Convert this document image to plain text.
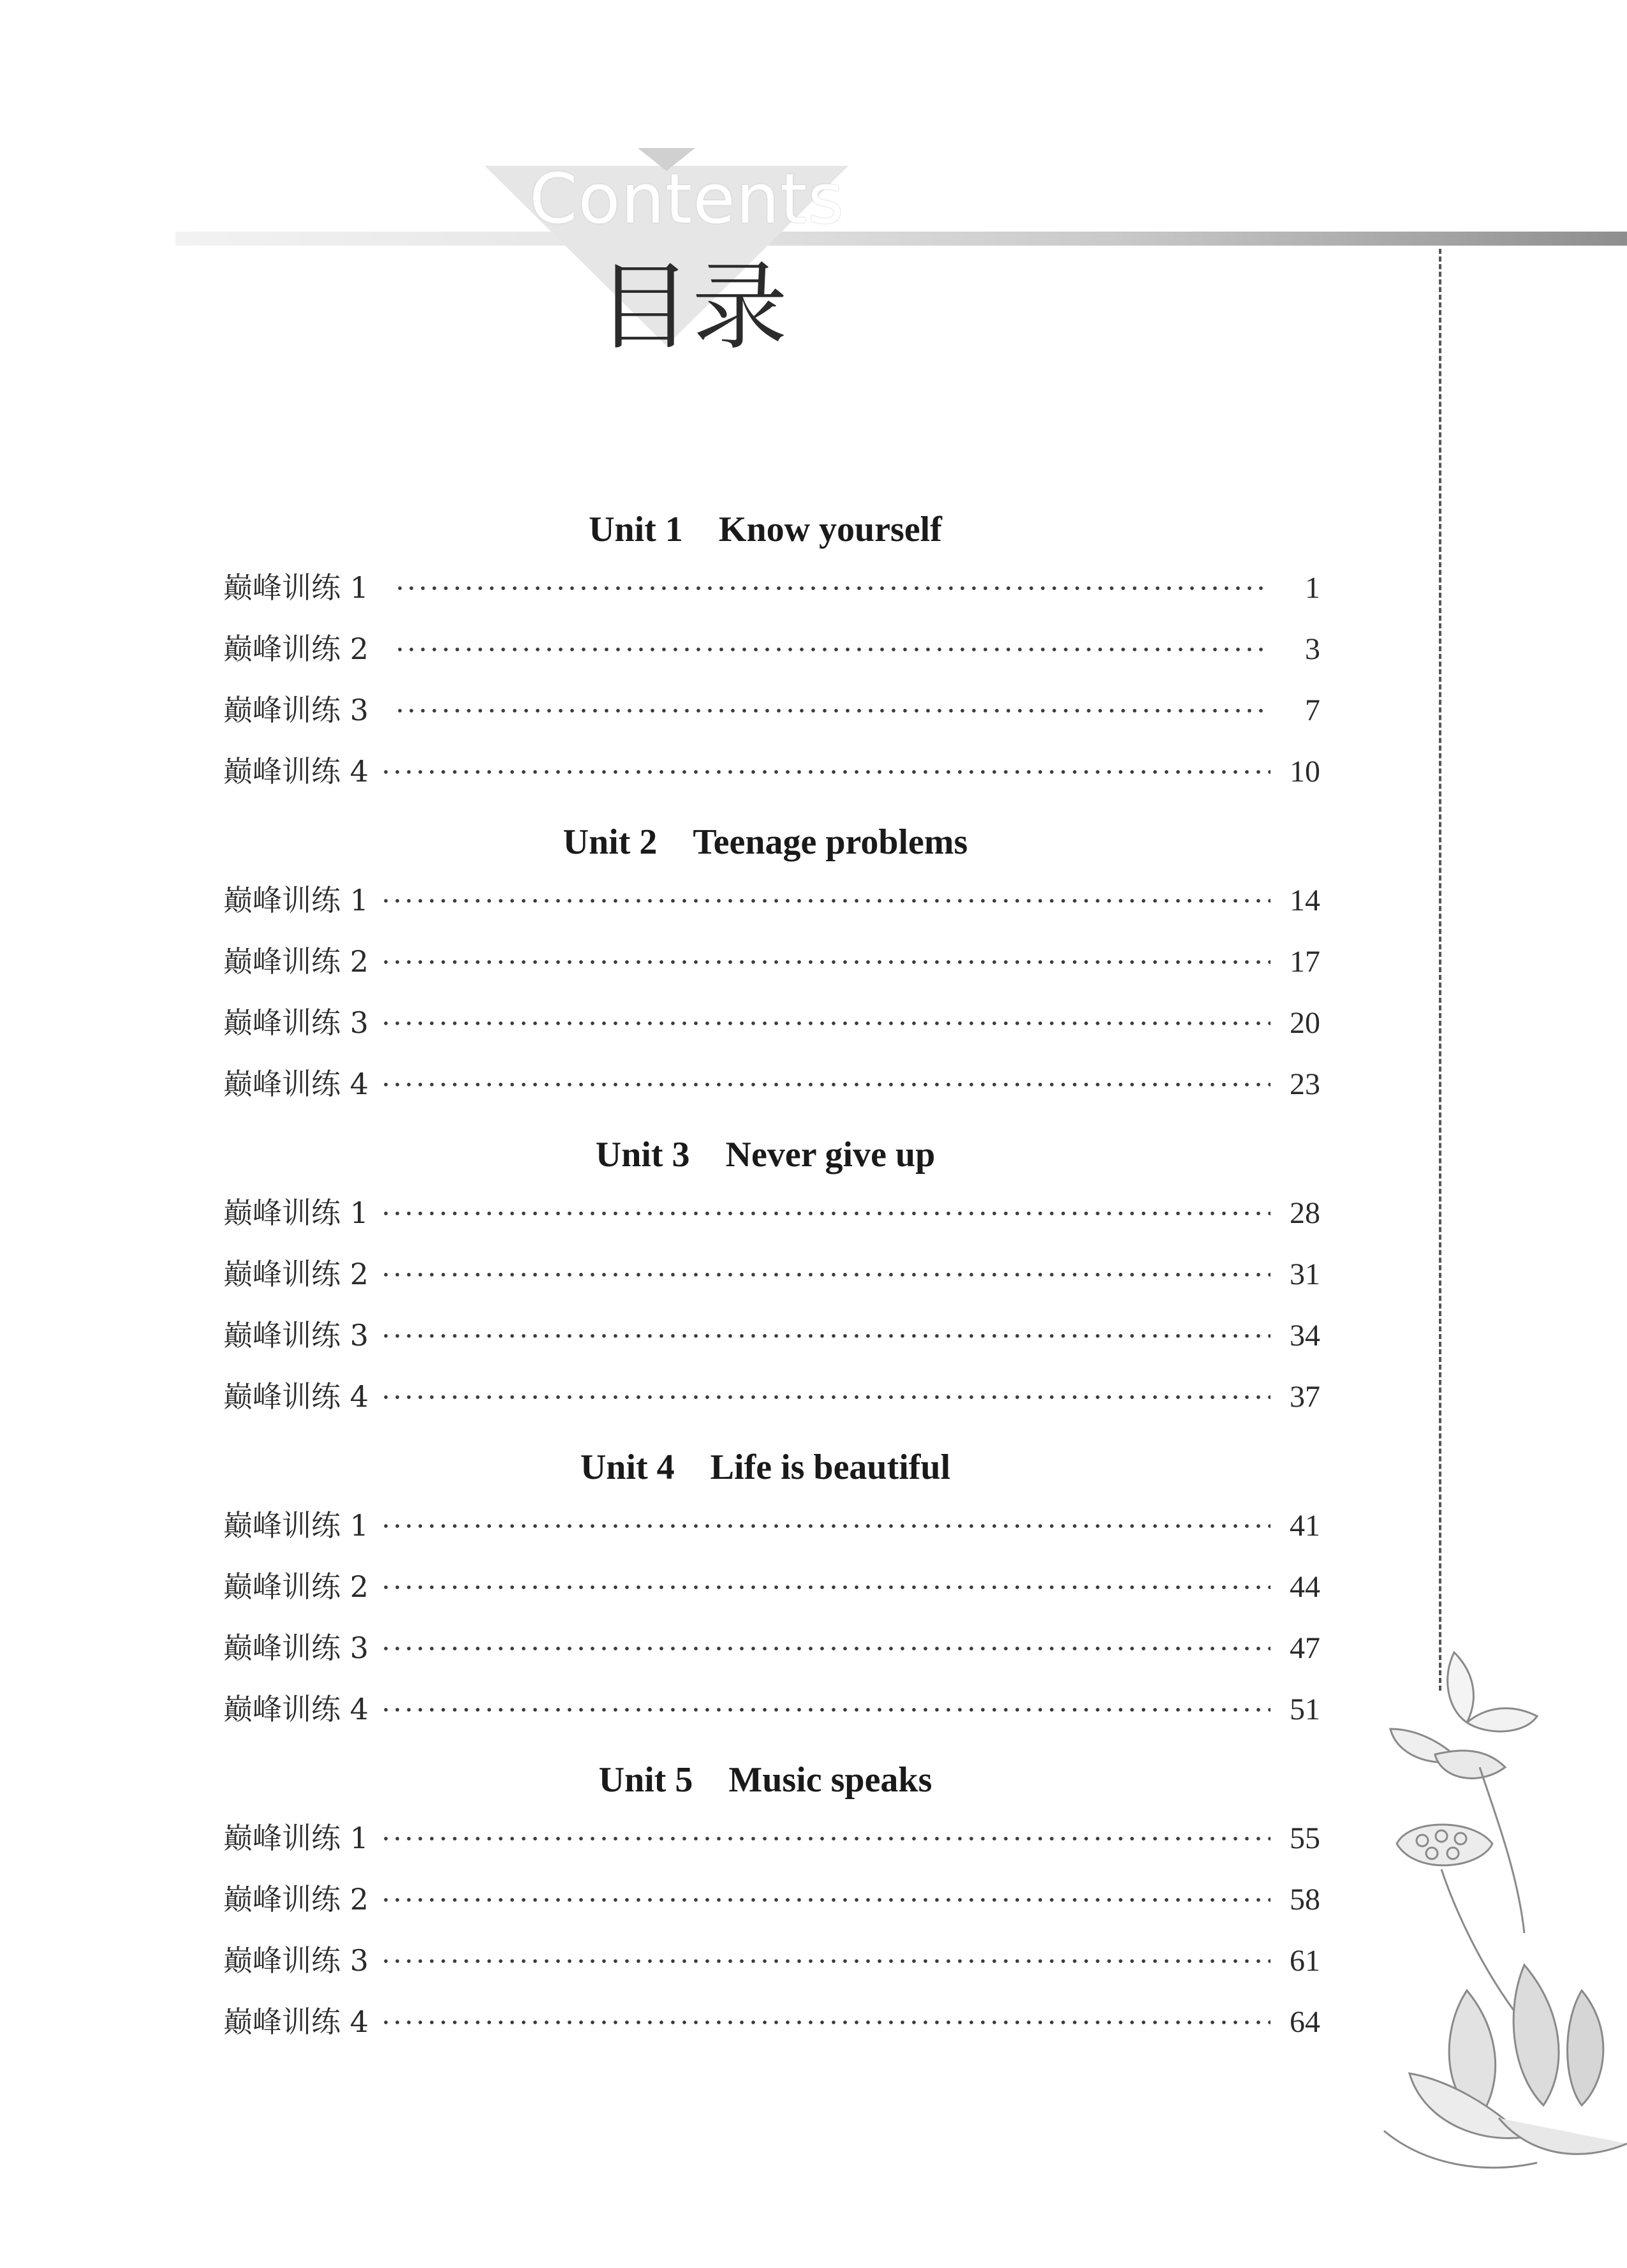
Contents
目录
Unit 1　Know yourself
巅峰训练 1	1
巅峰训练 2	3
巅峰训练 3	7
巅峰训练 4	10
Unit 2　Teenage problems
巅峰训练 1	14
巅峰训练 2	17
巅峰训练 3	20
巅峰训练 4	23
Unit 3　Never give up
巅峰训练 1	28
巅峰训练 2	31
巅峰训练 3	34
巅峰训练 4	37
Unit 4　Life is beautiful
巅峰训练 1	41
巅峰训练 2	44
巅峰训练 3	47
巅峰训练 4	51
Unit 5　Music speaks
巅峰训练 1	55
巅峰训练 2	58
巅峰训练 3	61
巅峰训练 4	64
